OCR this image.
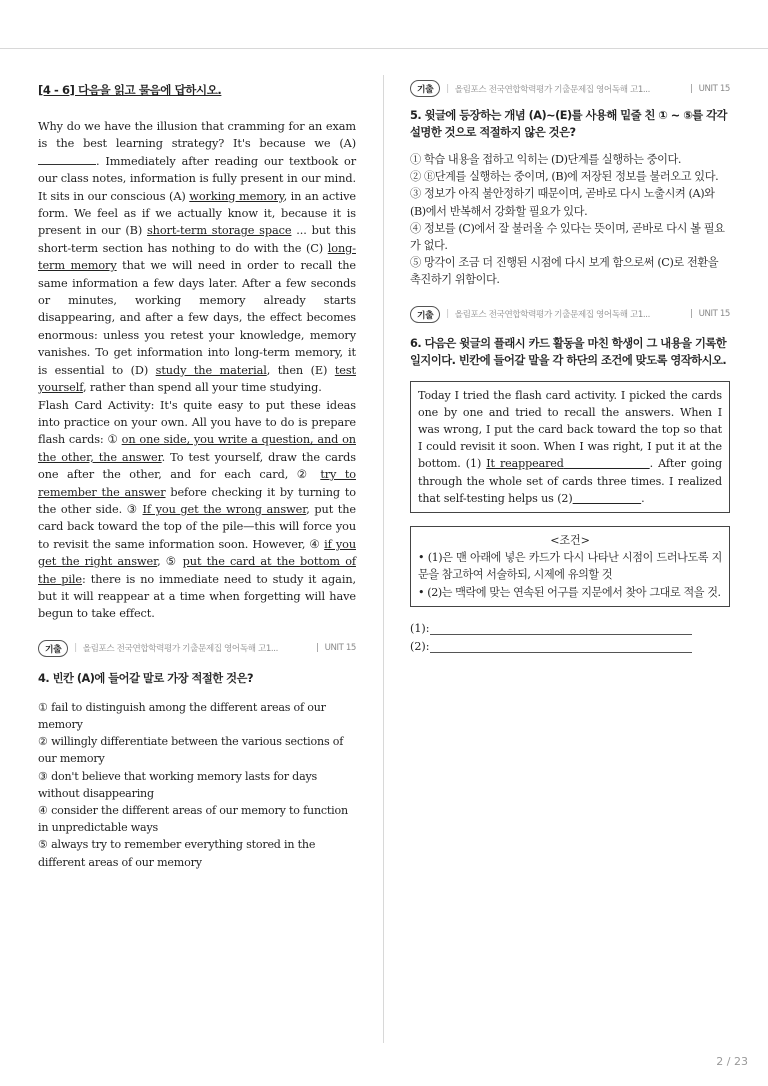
[4 - 6] 다음을 읽고 물음에 답하시오.

Why do we have the illusion that cramming for an exam is the best learning strategy? It's because we (A). Immediately after reading our textbook or our class notes, information is fully present in our mind. It sits in our conscious (A) working memory, in an active form. We feel as if we actually know it, because it is present in our (B) short-term storage space ... but this short-term section has nothing to do with the (C) long-term memory that we will need in order to recall the same information a few days later. After a few seconds or minutes, working memory already starts disappearing, and after a few days, the effect becomes enormous: unless you retest your knowledge, memory vanishes. To get information into long-term memory, it is essential to (D) study the material, then (E) test yourself, rather than spend all your time studying.

Flash Card Activity: It's quite easy to put these ideas into practice on your own. All you have to do is prepare flash cards: ① on one side, you write a question, and on the other, the answer. To test yourself, draw the cards one after the other, and for each card, ② try to remember the answer before checking it by turning to the other side. ③ If you get the wrong answer, put the card back toward the top of the pile—this will force you to revisit the same information soon. However, ④ if you get the right answer, ⑤ put the card at the bottom of the pile: there is no immediate need to study it again, but it will reappear at a time when forgetting will have begun to take effect.

기출	| 올림포스 전국연합학력평가 기출문제집 영어독해 고1...	| UNIT 15
4. 빈칸 (A)에 들어갈 말로 가장 적절한 것은?
① fail to distinguish among the different areas of our memory
② willingly differentiate between the various sections of our memory
③ don't believe that working memory lasts for days without disappearing
④ consider the different areas of our memory to function in unpredictable ways
⑤ always try to remember everything stored in the different areas of our memory
기출	| 올림포스 전국연합학력평가 기출문제집 영어독해 고1...	| UNIT 15
5. 윗글에 등장하는 개념 (A)~(E)를 사용해 밑줄 친 ① ~ ⑤를 각각 설명한 것으로 적절하지 않은 것은?
① 학습 내용을 접하고 익히는 (D)단계를 실행하는 중이다.
② Ⓔ단계를 실행하는 중이며, (B)에 저장된 정보를 불러오고 있다.
③ 정보가 아직 불안정하기 때문이며, 곧바로 다시 노출시켜 (A)와 (B)에서 반복해서 강화할 필요가 있다.
④ 정보를 (C)에서 잘 불러올 수 있다는 뜻이며, 곧바로 다시 볼 필요가 없다.
⑤ 망각이 조금 더 진행된 시점에 다시 보게 함으로써 (C)로 전환을 촉진하기 위함이다.
기출	| 올림포스 전국연합학력평가 기출문제집 영어독해 고1...	| UNIT 15
6. 다음은 윗글의 플래시 카드 활동을 마친 학생이 그 내용을 기록한 일지이다. 빈칸에 들어갈 말을 각 하단의 조건에 맞도록 영작하시오.
Today I tried the flash card activity. I picked the cards one by one and tried to recall the answers. When I was wrong, I put the card back toward the top so that I could revisit it soon. When I was right, I put it at the bottom. (1) It reappeared	. After going through the whole set of cards three times. I realized that self-testing helps us (2)	.
<조건>
• (1)은 맨 아래에 넣은 카드가 다시 나타난 시점이 드러나도록 지문을 참고하여 서술하되, 시제에 유의할 것
• (2)는 맥락에 맞는 연속된 어구를 지문에서 찾아 그대로 적을 것.
(1):
(2):
2 / 23
